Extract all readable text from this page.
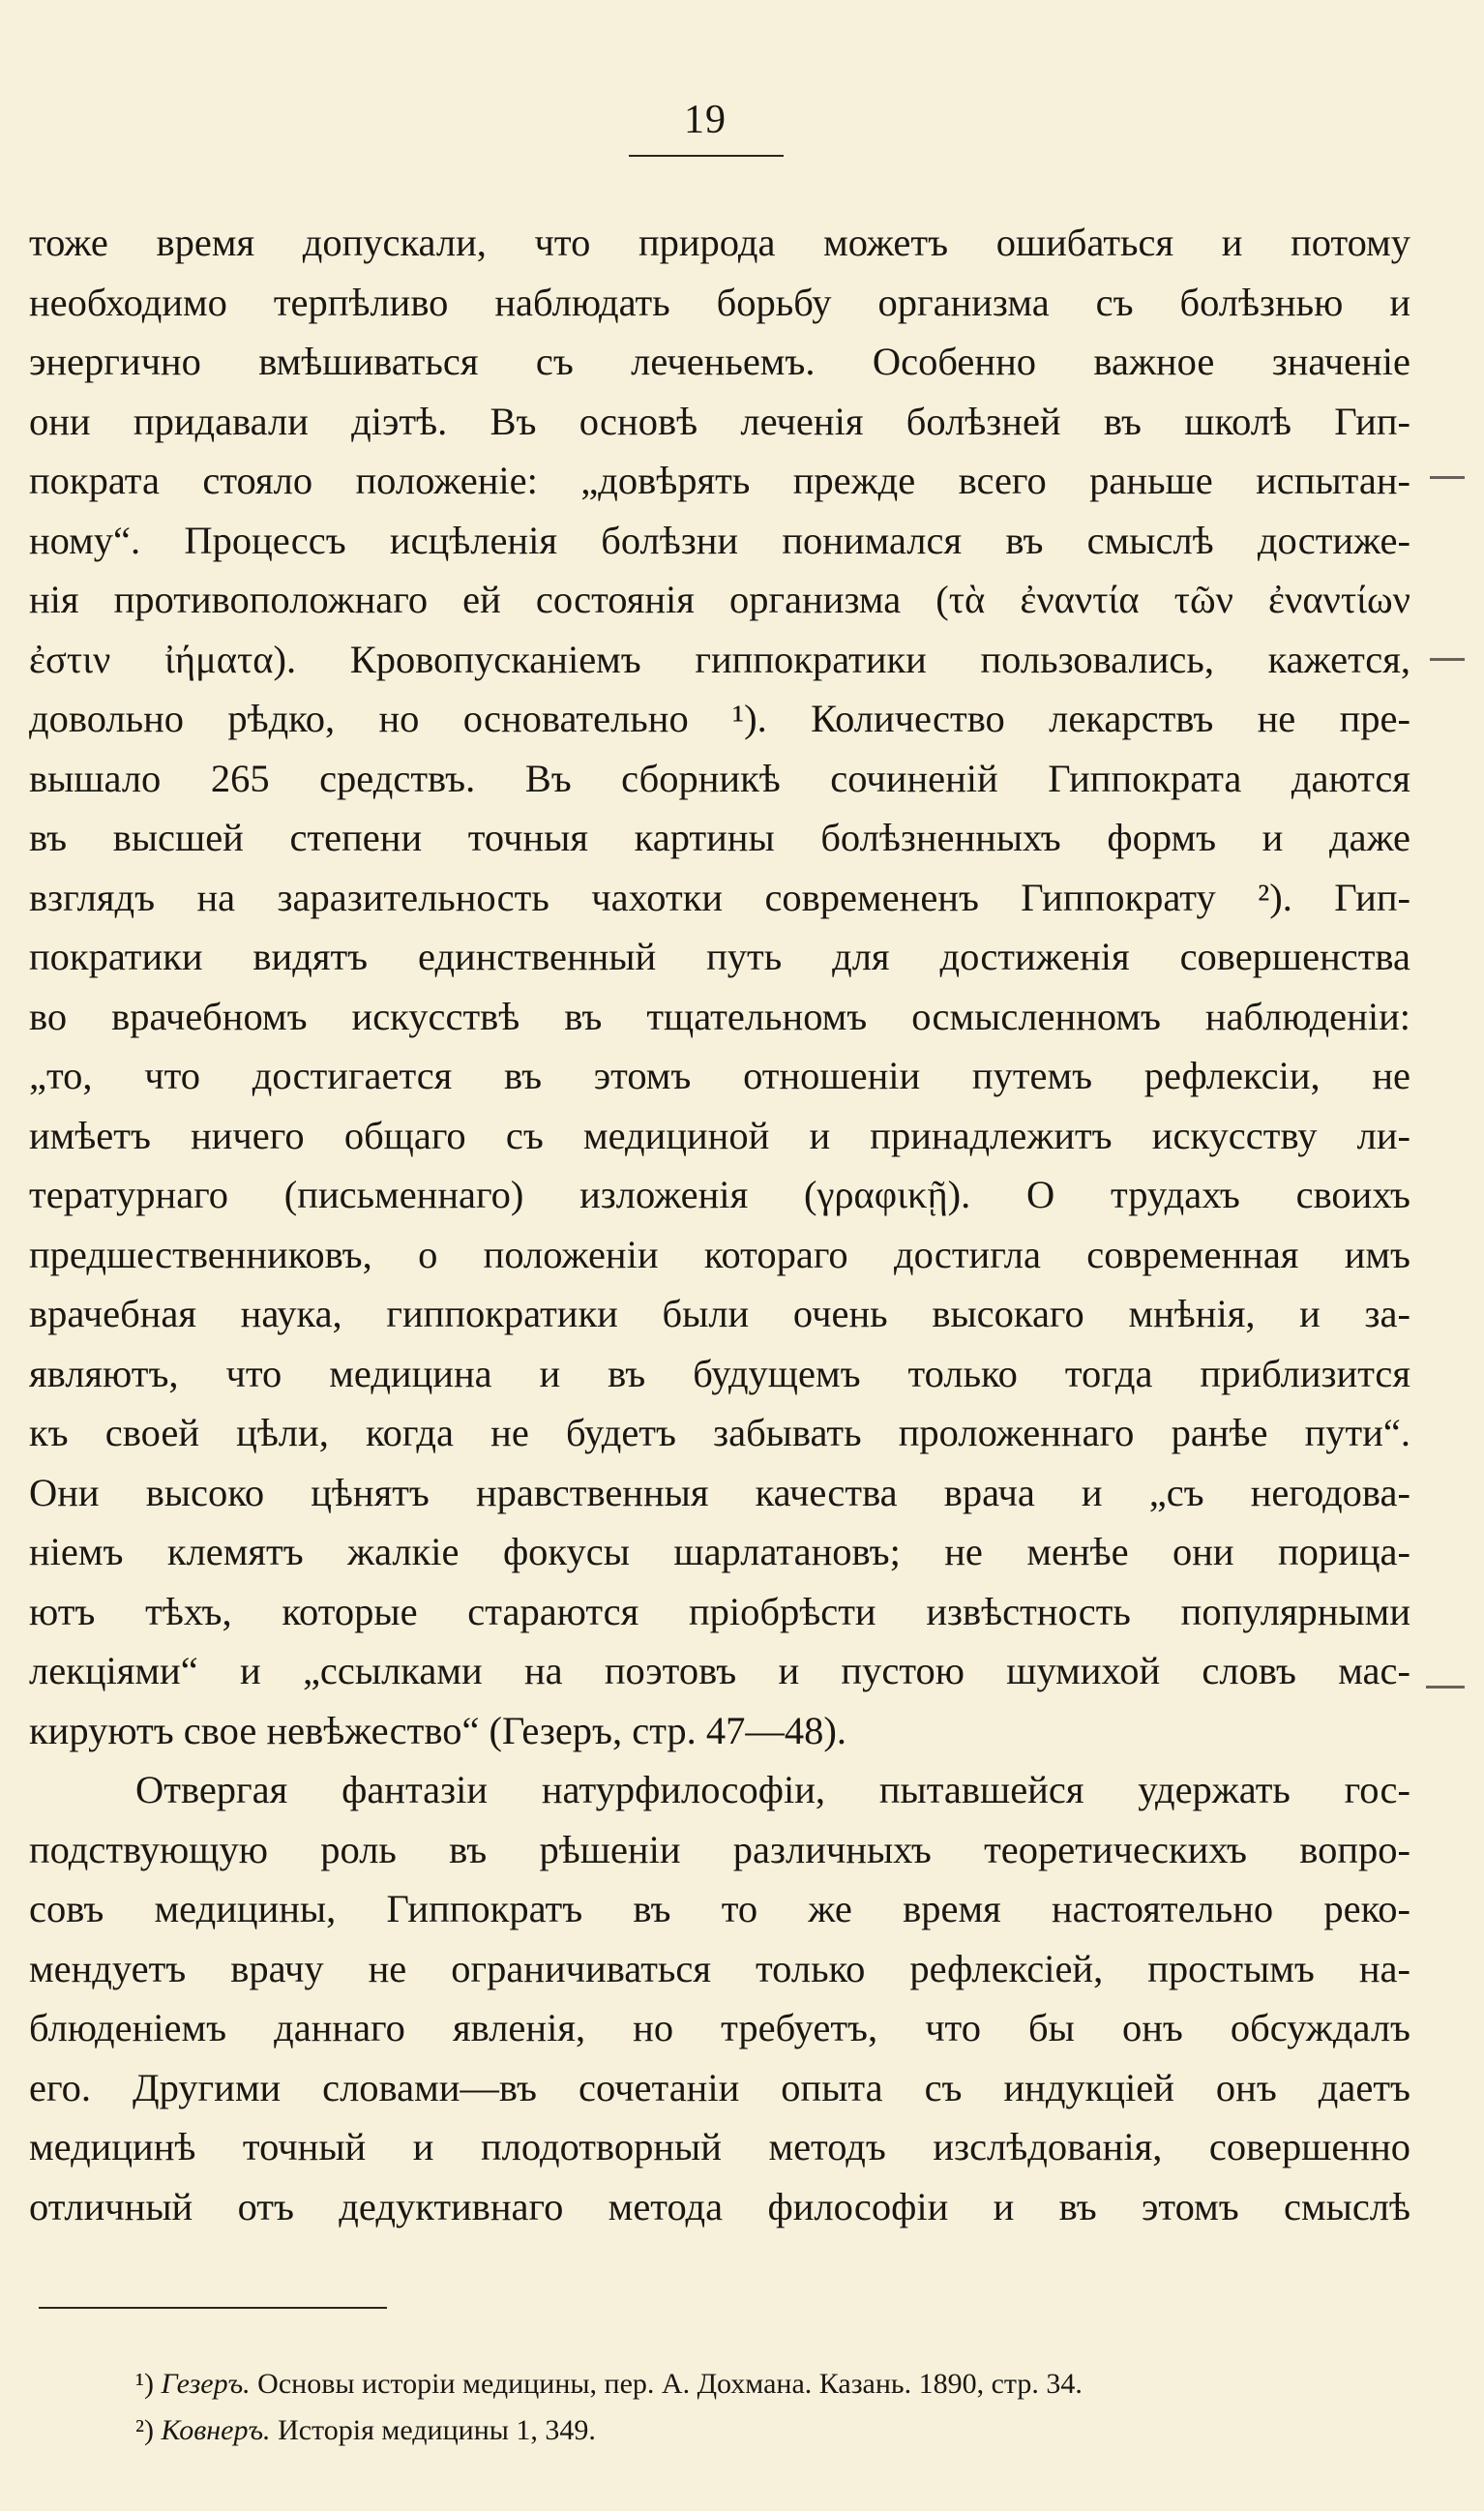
19
тоже время допускали, что природа можетъ ошибаться и потому
необходимо терпѣливо наблюдать борьбу организма съ болѣзнью и
энергично вмѣшиваться съ леченьемъ. Особенно важное значеніе
они придавали діэтѣ. Въ основѣ леченія болѣзней въ школѣ Гип-
пократа стояло положеніе: „довѣрять прежде всего раньше испытан-
ному“. Процессъ исцѣленія болѣзни понимался въ смыслѣ достиже-
нія противоположнаго ей состоянія организма (τὰ ἐναντία τῶν ἐναντίων
ἐστιν ἰήματα). Кровопусканіемъ гиппократики пользовались, кажется,
довольно рѣдко, но основательно ¹). Количество лекарствъ не пре-
вышало 265 средствъ. Въ сборникѣ сочиненій Гиппократа даются
въ высшей степени точныя картины болѣзненныхъ формъ и даже
взглядъ на заразительность чахотки современенъ Гиппократу ²). Гип-
пократики видятъ единственный путь для достиженія совершенства
во врачебномъ искусствѣ въ тщательномъ осмысленномъ наблюденіи:
„то, что достигается въ этомъ отношеніи путемъ рефлексіи, не
имѣетъ ничего общаго съ медициной и принадлежитъ искусству ли-
тературнаго (письменнаго) изложенія (γραφικῇ). О трудахъ своихъ
предшественниковъ, о положеніи котораго достигла современная имъ
врачебная наука, гиппократики были очень высокаго мнѣнія, и за-
являютъ, что медицина и въ будущемъ только тогда приблизится
къ своей цѣли, когда не будетъ забывать проложеннаго ранѣе пути“.
Они высоко цѣнятъ нравственныя качества врача и „съ негодова-
ніемъ клемятъ жалкіе фокусы шарлатановъ; не менѣе они порица-
ютъ тѣхъ, которые стараются пріобрѣсти извѣстность популярными
лекціями“ и „ссылками на поэтовъ и пустою шумихой словъ мас-
кируютъ свое невѣжество“ (Гезеръ, стр. 47—48).
Отвергая фантазіи натурфилософіи, пытавшейся удержать гос-
подствующую роль въ рѣшеніи различныхъ теоретическихъ вопро-
совъ медицины, Гиппократъ въ то же время настоятельно реко-
мендуетъ врачу не ограничиваться только рефлексіей, простымъ на-
блюденіемъ даннаго явленія, но требуетъ, что бы онъ обсуждалъ
его. Другими словами—въ сочетаніи опыта съ индукціей онъ даетъ
медицинѣ точный и плодотворный методъ изслѣдованія, совершенно
отличный отъ дедуктивнаго метода философіи и въ этомъ смыслѣ
¹) Гезеръ. Основы исторіи медицины, пер. А. Дохмана. Казань. 1890, стр. 34.
²) Ковнеръ. Исторія медицины 1, 349.
